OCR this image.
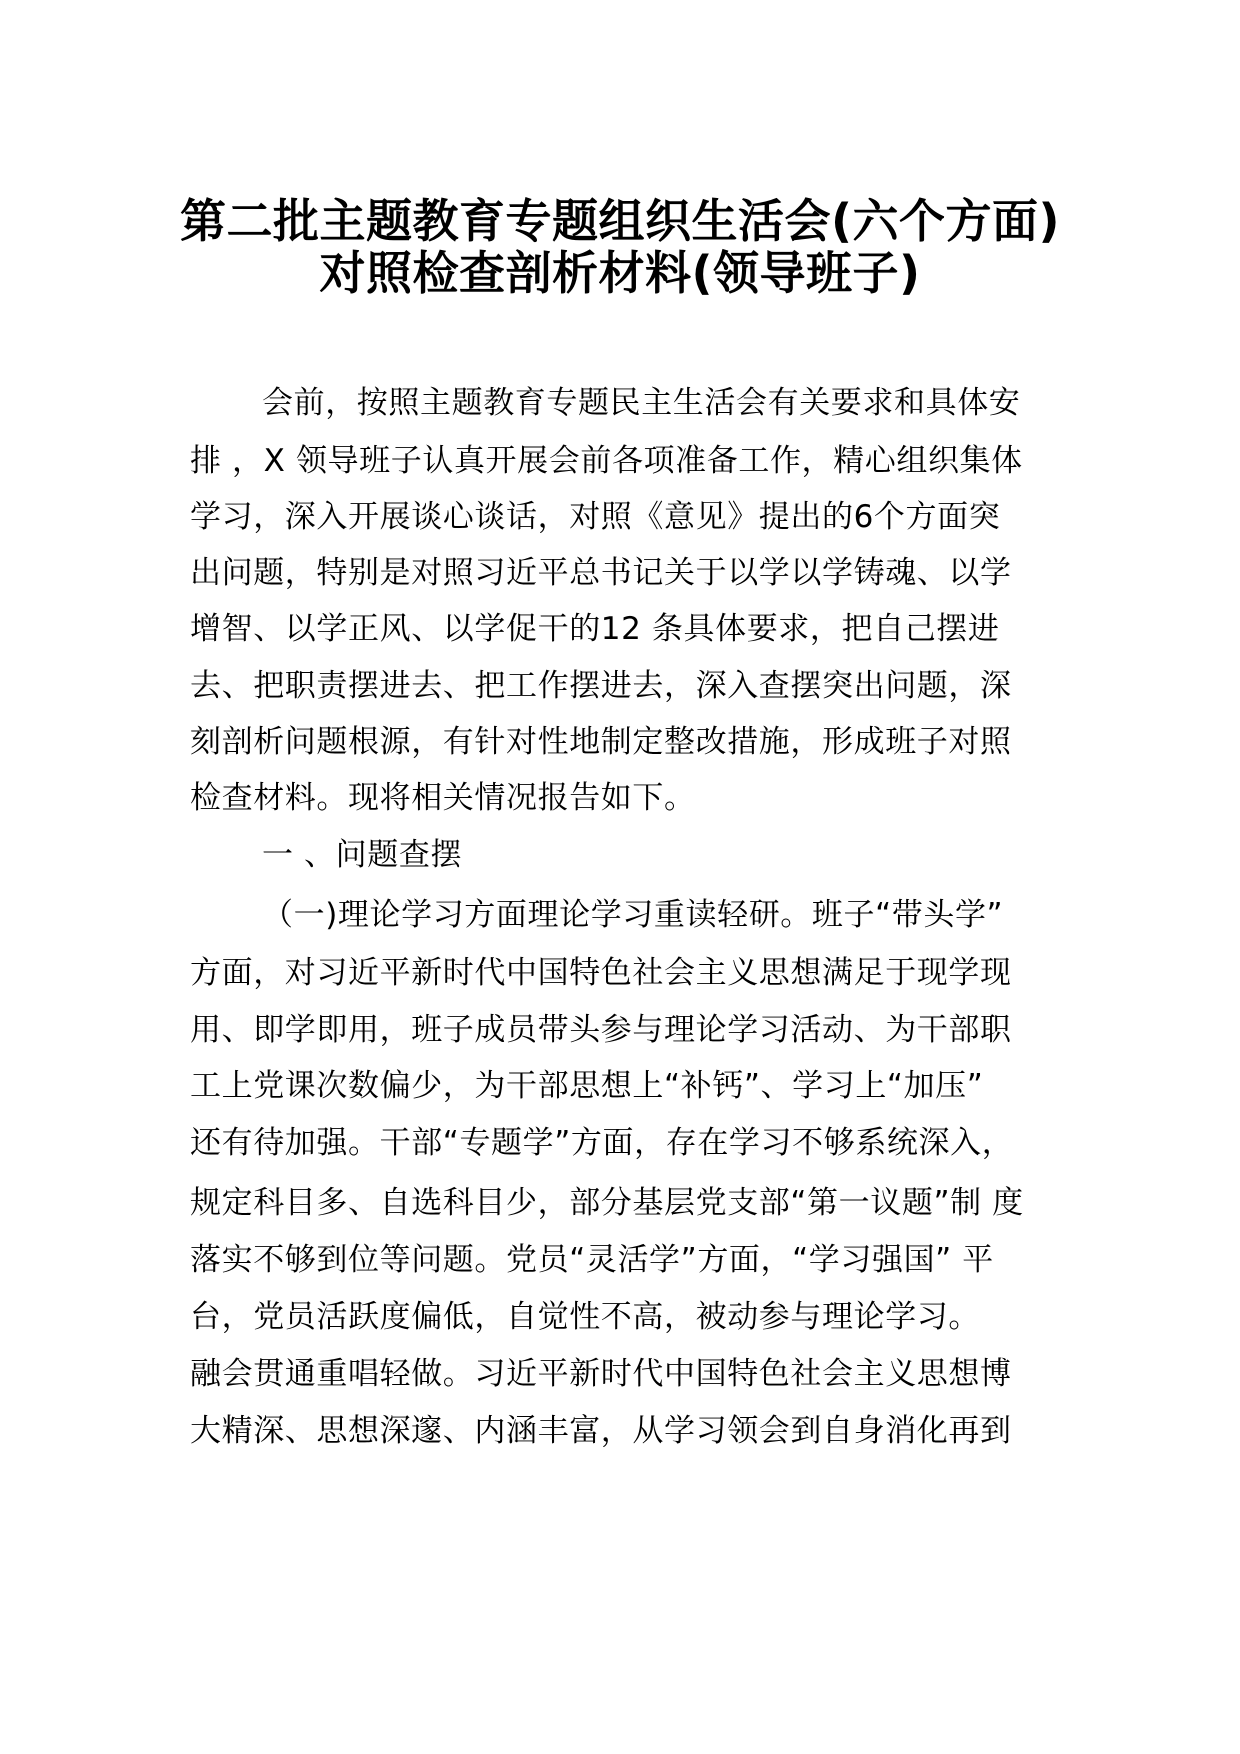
第二批主题教育专题组织生活会(六个方面)
对照检查剖析材料(领导班子)
会前，按照主题教育专题民主生活会有关要求和具体安
排 ，X 领导班子认真开展会前各项准备工作，精心组织集体
学习，深入开展谈心谈话，对照《意见》提出的6个方面突
出问题，特别是对照习近平总书记关于以学以学铸魂、以学
增智、以学正风、以学促干的12 条具体要求，把自己摆进
去、把职责摆进去、把工作摆进去，深入查摆突出问题，深
刻剖析问题根源，有针对性地制定整改措施，形成班子对照
检查材料。现将相关情况报告如下。
一 、问题查摆
（一)理论学习方面理论学习重读轻研。班子“带头学”
方面，对习近平新时代中国特色社会主义思想满足于现学现
用、即学即用，班子成员带头参与理论学习活动、为干部职
工上党课次数偏少，为干部思想上“补钙”、学习上“加压”
还有待加强。干部“专题学”方面，存在学习不够系统深入，
规定科目多、自选科目少，部分基层党支部“第一议题”制 度
落实不够到位等问题。党员“灵活学”方面，“学习强国” 平
台，党员活跃度偏低，自觉性不高，被动参与理论学习。
融会贯通重唱轻做。习近平新时代中国特色社会主义思想博
大精深、思想深邃、内涵丰富，从学习领会到自身消化再到
